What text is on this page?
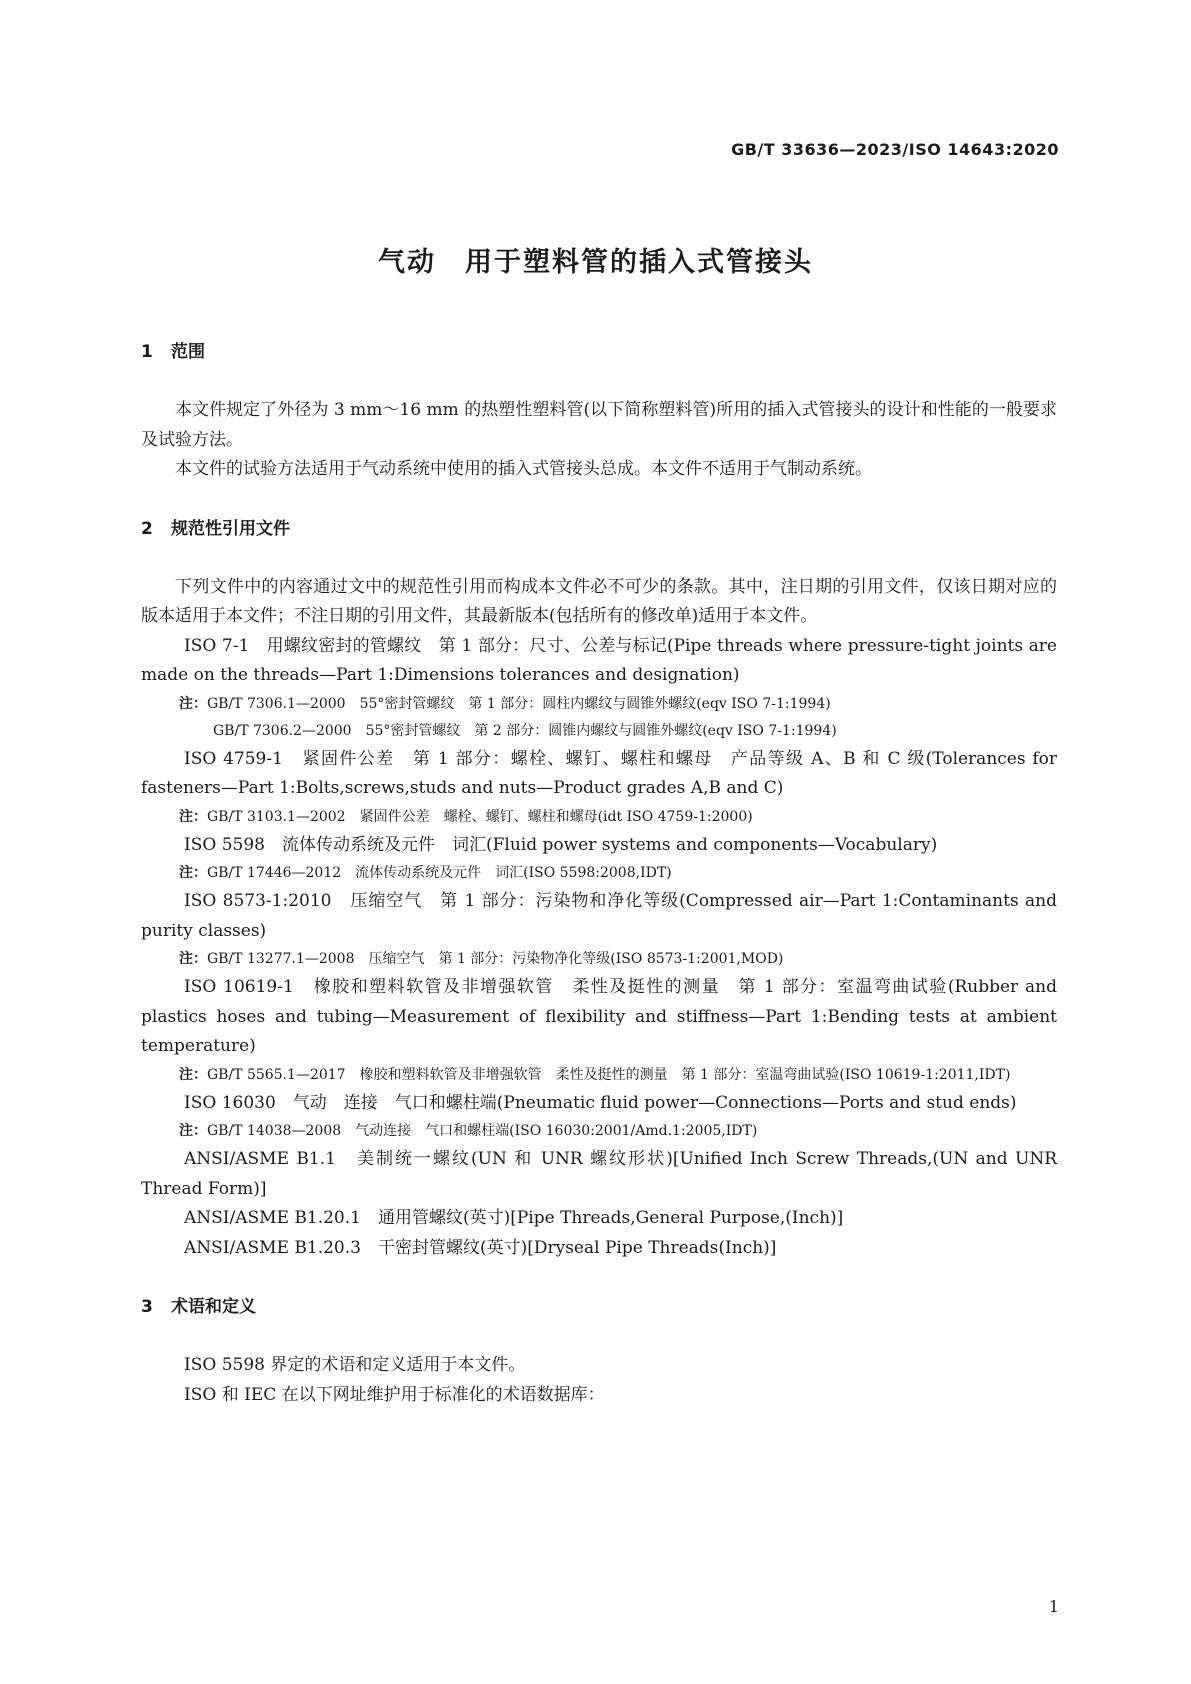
GB/T 33636—2023/ISO 14643:2020
气动　用于塑料管的插入式管接头
1 范围

本文件规定了外径为 3 mm～16 mm 的热塑性塑料管(以下简称塑料管)所用的插入式管接头的设计和性能的一般要求及试验方法。

本文件的试验方法适用于气动系统中使用的插入式管接头总成。本文件不适用于气制动系统。

2 规范性引用文件

下列文件中的内容通过文中的规范性引用而构成本文件必不可少的条款。其中，注日期的引用文件，仅该日期对应的版本适用于本文件；不注日期的引用文件，其最新版本(包括所有的修改单)适用于本文件。

ISO 7-1　用螺纹密封的管螺纹　第 1 部分：尺寸、公差与标记(Pipe threads where pressure-tight joints are made on the threads—Part 1:Dimensions tolerances and designation)

注：GB/T 7306.1—2000　55°密封管螺纹　第 1 部分：圆柱内螺纹与圆锥外螺纹(eqv ISO 7-1:1994)

GB/T 7306.2—2000　55°密封管螺纹　第 2 部分：圆锥内螺纹与圆锥外螺纹(eqv ISO 7-1:1994)

ISO 4759-1　紧固件公差　第 1 部分：螺栓、螺钉、螺柱和螺母　产品等级 A、B 和 C 级(Tolerances for fasteners—Part 1:Bolts,screws,studs and nuts—Product grades A,B and C)

注：GB/T 3103.1—2002　紧固件公差　螺栓、螺钉、螺柱和螺母(idt ISO 4759-1:2000)

ISO 5598　流体传动系统及元件　词汇(Fluid power systems and components—Vocabulary)

注：GB/T 17446—2012　流体传动系统及元件　词汇(ISO 5598:2008,IDT)

ISO 8573-1:2010　压缩空气　第 1 部分：污染物和净化等级(Compressed air—Part 1:Contaminants and purity classes)

注：GB/T 13277.1—2008　压缩空气　第 1 部分：污染物净化等级(ISO 8573-1:2001,MOD)

ISO 10619-1　橡胶和塑料软管及非增强软管　柔性及挺性的测量　第 1 部分：室温弯曲试验(Rubber and plastics hoses and tubing—Measurement of flexibility and stiffness—Part 1:Bending tests at ambient temperature)

注：GB/T 5565.1—2017　橡胶和塑料软管及非增强软管　柔性及挺性的测量　第 1 部分：室温弯曲试验(ISO 10619-1:2011,IDT)

ISO 16030　气动　连接　气口和螺柱端(Pneumatic fluid power—Connections—Ports and stud ends)

注：GB/T 14038—2008　气动连接　气口和螺柱端(ISO 16030:2001/Amd.1:2005,IDT)

ANSI/ASME B1.1　美制统一螺纹(UN 和 UNR 螺纹形状)[Unified Inch Screw Threads,(UN and UNR Thread Form)]

ANSI/ASME B1.20.1　通用管螺纹(英寸)[Pipe Threads,General Purpose,(Inch)]

ANSI/ASME B1.20.3　干密封管螺纹(英寸)[Dryseal Pipe Threads(Inch)]

3 术语和定义

ISO 5598 界定的术语和定义适用于本文件。

ISO 和 IEC 在以下网址维护用于标准化的术语数据库：

1
